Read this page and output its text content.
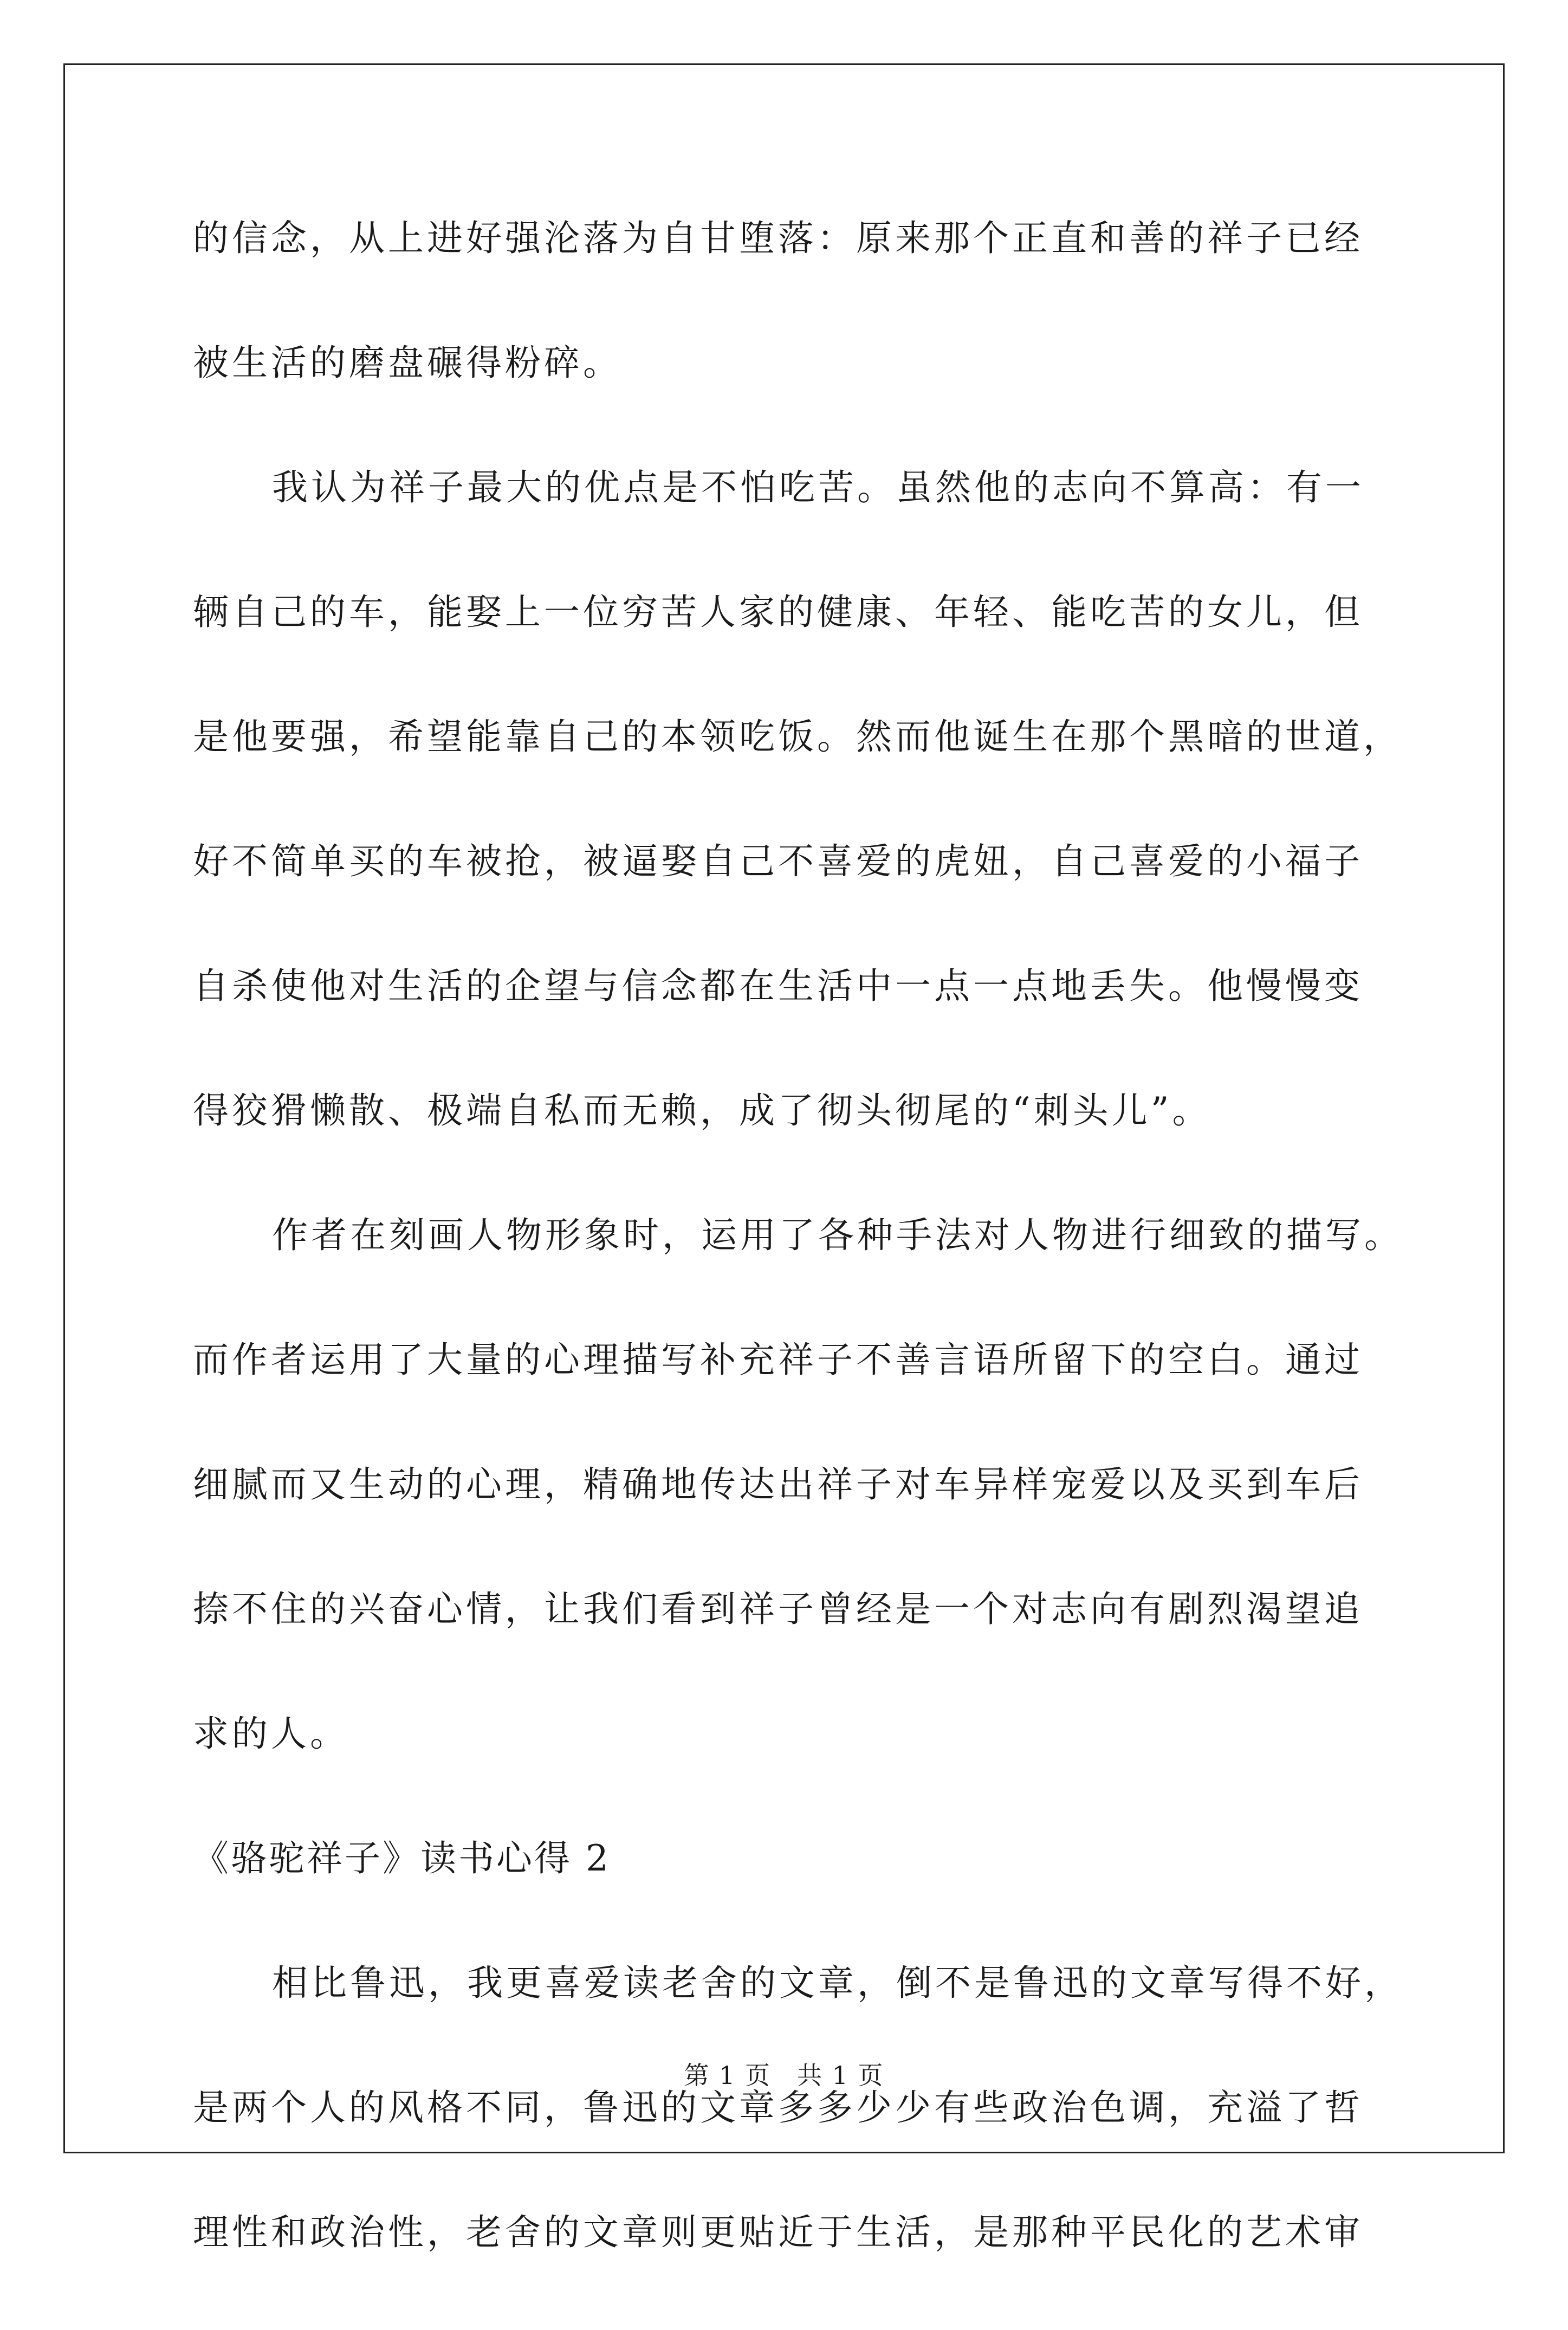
的信念，从上进好强沦落为自甘堕落：原来那个正直和善的祥子已经
被生活的磨盘碾得粉碎。
我认为祥子最大的优点是不怕吃苦。虽然他的志向不算高：有一
辆自己的车，能娶上一位穷苦人家的健康、年轻、能吃苦的女儿，但
是他要强，希望能靠自己的本领吃饭。然而他诞生在那个黑暗的世道，
好不简单买的车被抢，被逼娶自己不喜爱的虎妞，自己喜爱的小福子
自杀使他对生活的企望与信念都在生活中一点一点地丢失。他慢慢变
得狡猾懒散、极端自私而无赖，成了彻头彻尾的“刺头儿”。
作者在刻画人物形象时，运用了各种手法对人物进行细致的描写。
而作者运用了大量的心理描写补充祥子不善言语所留下的空白。通过
细腻而又生动的心理，精确地传达出祥子对车异样宠爱以及买到车后
捺不住的兴奋心情，让我们看到祥子曾经是一个对志向有剧烈渴望追
求的人。
《骆驼祥子》读书心得 2
相比鲁迅，我更喜爱读老舍的文章，倒不是鲁迅的文章写得不好，
是两个人的风格不同，鲁迅的文章多多少少有些政治色调，充溢了哲
理性和政治性，老舍的文章则更贴近于生活，是那种平民化的艺术审
第 1 页 共 1 页
